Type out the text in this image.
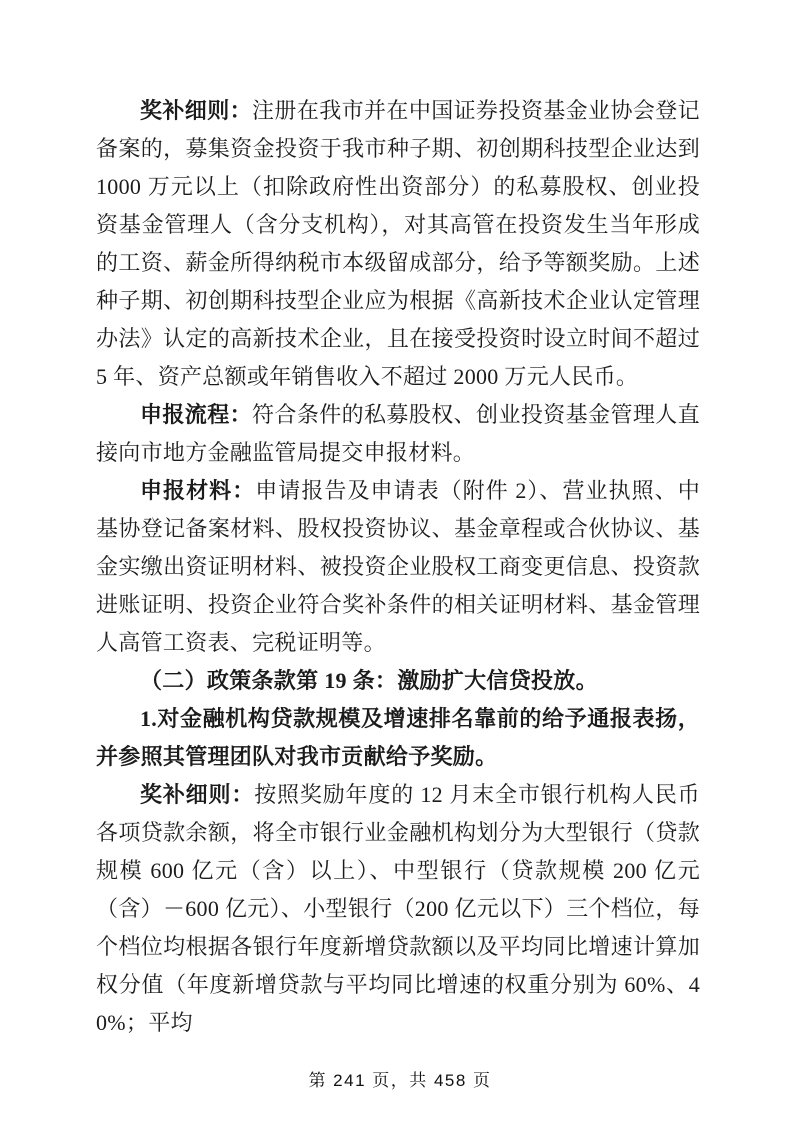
奖补细则：注册在我市并在中国证券投资基金业协会登记备案的，募集资金投资于我市种子期、初创期科技型企业达到 1000 万元以上（扣除政府性出资部分）的私募股权、创业投资基金管理人（含分支机构），对其高管在投资发生当年形成的工资、薪金所得纳税市本级留成部分，给予等额奖励。上述种子期、初创期科技型企业应为根据《高新技术企业认定管理办法》认定的高新技术企业，且在接受投资时设立时间不超过 5 年、资产总额或年销售收入不超过 2000 万元人民币。

申报流程：符合条件的私募股权、创业投资基金管理人直接向市地方金融监管局提交申报材料。

申报材料：申请报告及申请表（附件 2）、营业执照、中基协登记备案材料、股权投资协议、基金章程或合伙协议、基金实缴出资证明材料、被投资企业股权工商变更信息、投资款进账证明、投资企业符合奖补条件的相关证明材料、基金管理人高管工资表、完税证明等。

（二）政策条款第 19 条：激励扩大信贷投放。

1.对金融机构贷款规模及增速排名靠前的给予通报表扬，并参照其管理团队对我市贡献给予奖励。

奖补细则：按照奖励年度的 12 月末全市银行机构人民币各项贷款余额，将全市银行业金融机构划分为大型银行（贷款规模 600 亿元（含）以上）、中型银行（贷款规模 200 亿元（含）－600 亿元）、小型银行（200 亿元以下）三个档位，每个档位均根据各银行年度新增贷款额以及平均同比增速计算加权分值（年度新增贷款与平均同比增速的权重分别为 60%、40%；平均

第 241 页，共 458 页
